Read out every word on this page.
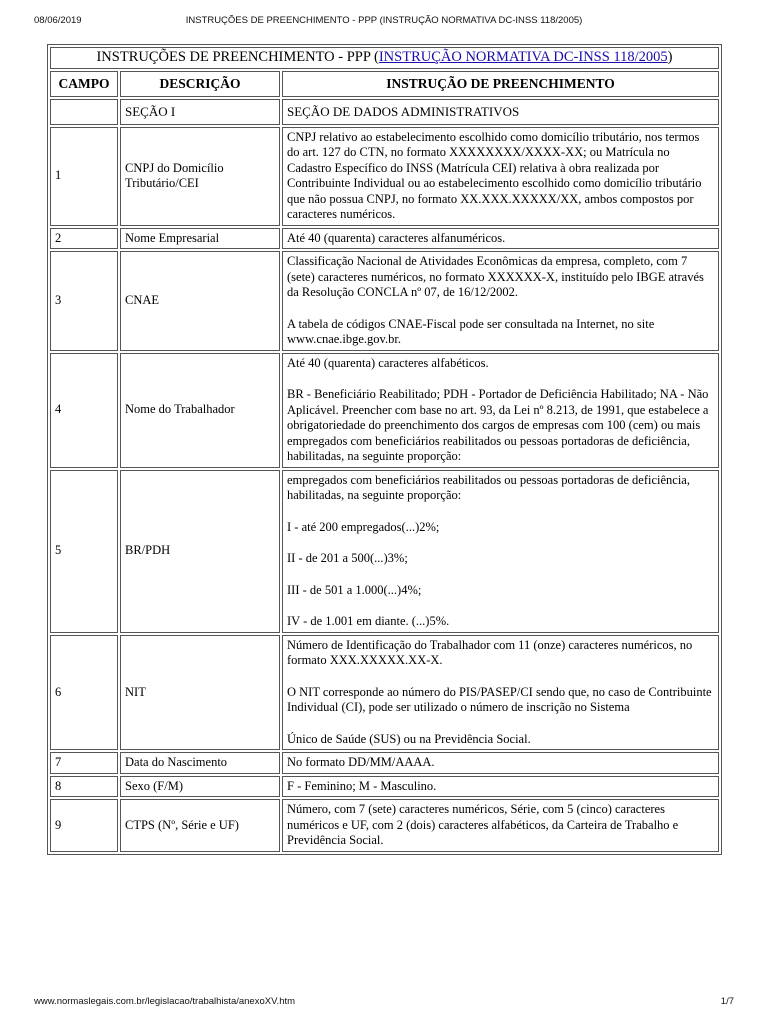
08/06/2019	INSTRUÇÕES DE PREENCHIMENTO - PPP (INSTRUÇÃO NORMATIVA DC-INSS 118/2005)
INSTRUÇÕES DE PREENCHIMENTO - PPP (INSTRUÇÃO NORMATIVA DC-INSS 118/2005)		
CAMPO	DESCRIÇÃO	INSTRUÇÃO DE PREENCHIMENTO
	SEÇÃO I	SEÇÃO DE DADOS ADMINISTRATIVOS
1	CNPJ do Domicílio Tributário/CEI	CNPJ relativo ao estabelecimento escolhido como domicílio tributário, nos termos do art. 127 do CTN, no formato XXXXXXXX/XXXX-XX; ou Matrícula no Cadastro Específico do INSS (Matrícula CEI) relativa à obra realizada por Contribuinte Individual ou ao estabelecimento escolhido como domicílio tributário que não possua CNPJ, no formato XX.XXX.XXXXX/XX, ambos compostos por caracteres numéricos.

2	Nome Empresarial	Até 40 (quarenta) caracteres alfanuméricos.

3	CNAE	Classificação Nacional de Atividades Econômicas da empresa, completo, com 7 (sete) caracteres numéricos, no formato XXXXXX-X, instituído pelo IBGE através da Resolução CONCLA nº 07, de 16/12/2002.

A tabela de códigos CNAE-Fiscal pode ser consultada na Internet, no site www.cnae.ibge.gov.br.

4	Nome do Trabalhador	Até 40 (quarenta) caracteres alfabéticos.

BR - Beneficiário Reabilitado; PDH - Portador de Deficiência Habilitado; NA - Não Aplicável. Preencher com base no art. 93, da Lei nº 8.213, de 1991, que estabelece a obrigatoriedade do preenchimento dos cargos de empresas com 100 (cem) ou mais empregados com beneficiários reabilitados ou pessoas portadoras de deficiência, habilitadas, na seguinte proporção:

5	BR/PDH	empregados com beneficiários reabilitados ou pessoas portadoras de deficiência, habilitadas, na seguinte proporção:

I - até 200 empregados(...)2%;

II - de 201 a 500(...)3%;

III - de 501 a 1.000(...)4%;

IV - de 1.001 em diante. (...)5%.

6	NIT	Número de Identificação do Trabalhador com 11 (onze) caracteres numéricos, no formato XXX.XXXXX.XX-X.

O NIT corresponde ao número do PIS/PASEP/CI sendo que, no caso de Contribuinte Individual (CI), pode ser utilizado o número de inscrição no Sistema

Único de Saúde (SUS) ou na Previdência Social.

7	Data do Nascimento	No formato DD/MM/AAAA.

8	Sexo (F/M)	F - Feminino; M - Masculino.

9	CTPS (Nº, Série e UF)	Número, com 7 (sete) caracteres numéricos, Série, com 5 (cinco) caracteres numéricos e UF, com 2 (dois) caracteres alfabéticos, da Carteira de Trabalho e Previdência Social.

www.normaslegais.com.br/legislacao/trabalhista/anexoXV.htm	1/7
